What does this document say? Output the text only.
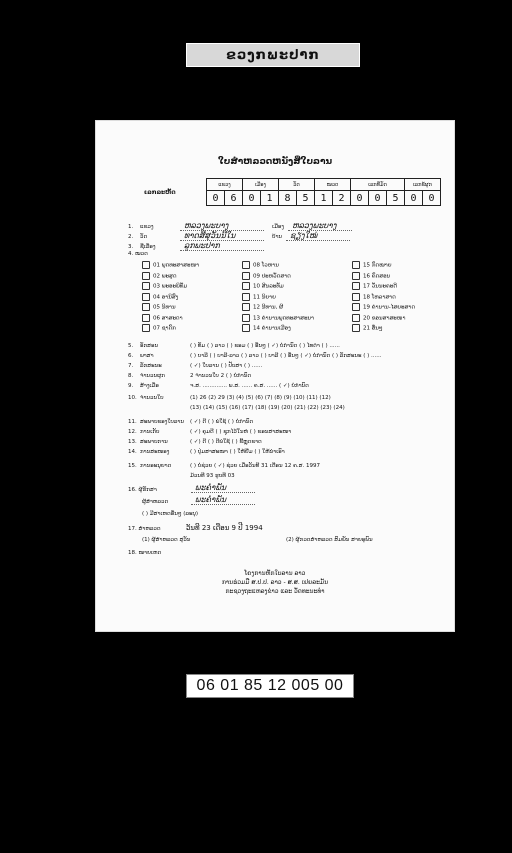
ຂວງກພະປາກ
ໃບສຳຫລວດຫນັງສືໃບລານ
ເລກລະຫັດ
ແຂວງ		ເມືອງ		ວັດ		ໝວດ		ເລກທີ່ມັດ			ເລກຂໍ້ຜູກ	
0	6	0	1	8	5	1	2	0	0	5	0	0
1. ແຂວງ	ຫລວງພະບາງ	ເມືອງ ຫລວງພະບາງ
2. ວັດ	ທາດສີສຸວັນນີໃນ	ບ້ານ ຊຽງໃໝ່
3. ຊື່ເລື່ອງ	ລູກພະປາກ
4. ໝວດ
01 ພຸດທະສາສະໜາ
02 ພະສູດ
03 ພະອະພິທັມ
04 ອານິສົງ
05 ນິທານ
06 ສາສະດາ
07 ຊາດົກ
08 ໂວຫານ
09 ປະຫວັດສາດ
10 ສີນລະທັມ
11 ນິຍາຍ
12 ນີທານ, ຜີ
13 ຄຳນານພຸດທະສາສະນາ
14 ຄຳນານເມືອງ
15 ກົດໝາຍ
16 ຄົດສອນ
17 ວັນນະຄະດີ
18 ໂຫລາສາດ
19 ຄຳນານ-ໄສຍະສາດ
20 ຂອນສາສະໜາ
21 ອື່ນໆ
5. ອັກສອນ	( ) ທັມ ( ) ລາວ ( ) ຂອມ ( ) ອື່ນໆ ( ✓) ບໍ່ກຳນົດ ( ) ໄທດຳ ( ) ......
6. ພາສາ	( ) ບາລີ ( ) ບາລີ-ລາວ ( ) ລາວ ( ) ບາລີ ( ) ອື່ນໆ ( ✓) ບໍ່ກຳນົດ ( ) ລັກສະນະ ( ) ......
7. ລັກສະນະ	( ✓) ໃບລານ ( ) ປັບສາ ( ) ......
8. ຈຳນວນຜູກ	2 ຈຳນວນໃບ 2 ( ) ບໍ່ກຳນົດ
9. ສ້າງເມື່ອ	ຈ.ສ. .............. ພ.ສ. ...... ຄ.ສ. ...... ( ✓) ບໍ່ກຳນົດ
10. ຈຳນວນໃບ	(1) 26 (2) 29 (3) (4) (5) (6) (7) (8) (9) (10) (11) (12)
(13) (14) (15) (16) (17) (18) (19) (20) (21) (22) (23) (24)
11. ສະພາບຂອງໃບລານ ( ✓) ດີ ( ) ພໍໃຊ້ ( ) ບໍ່ກຳນົດ
12. ການເກັບ	( ✓) ຄຸມດີ ( ) ຊຸກໄວ້ໃນຫໍ ( ) ຂອນສາສະໜາ
13. ສະພາບການ	( ✓) ດີ ( ) ດີພໍໃຊ້ ( ) ຂີ້ຫຼຸດຂາດ
14. ການສະໜອງ	( ) ປຸ່ມສາສະໜາ ( ) ໃຫ້ຢືມ ( ) ໃຫ້ນຳເອົາ
15. ການອະນຸຍາດ	( ) ບໍ່ຊ່ວຍ ( ✓) ຊ່ວຍ ເມື່ອວັນທີ 31 ເດືອນ 12 ຄ.ສ. 1997
ມ້ວນທີ 93 ຮູບທີ 03
16. ຜູ້ຮັກສາ	ພະຄຳພັນ
ຜູ້ສຳຫລວດ	ພະຄຳພັນ
( ) ມີສາເຫດອື່ນໆ (ລະບຸ)
17. ສຳຫລວດ	ວັນທີ 23 ເດືອນ 9 ປີ 1994
(1) ຜູ້ສຳຫລວດ ສຸວັນ	(2) ຜູ້ກວດສຳຫລວດ ສົມພັນ ສາຍອຸພົນ
18. ໝາຍເຫດ
ໂຄງການຫັກໃບລານ ລາວ
ການຮ່ວມມື ສ.ປ.ປ. ລາວ - ສ.ສ. ເຢຍລະມັນ
ກະຊວງຖະແຫລງຂ່າວ ແລະ ວັດທະນະທຳ
06 01 85 12 005 00
